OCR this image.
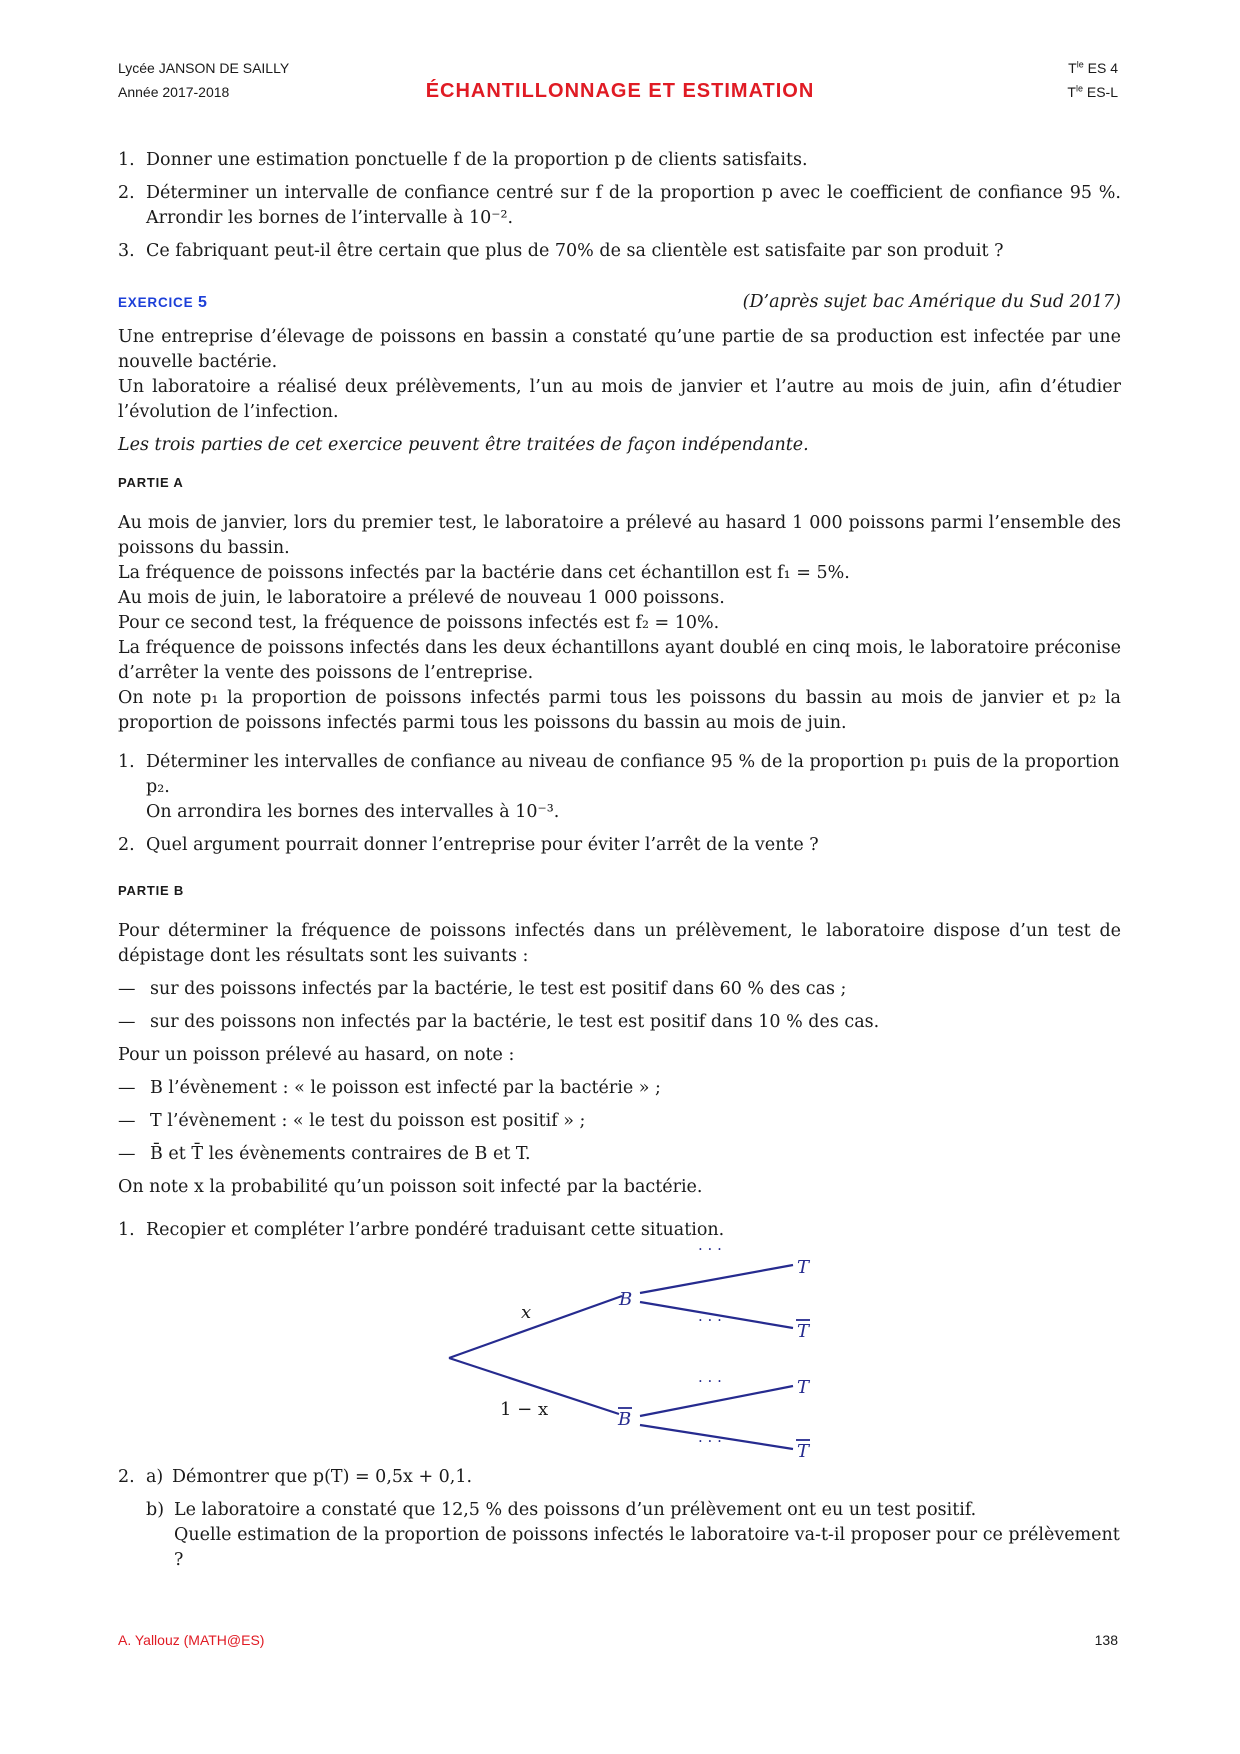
Lycée JANSON DE SAILLY
Année 2017-2018	ÉCHANTILLONNAGE ET ESTIMATION
$T^{le}$ ES 4
$T^{le}$ ES-L
1. Donner une estimation ponctuelle f de la proportion p de clients satisfaits.
2. Déterminer un intervalle de confiance centré sur f de la proportion p avec le coefficient de confiance 95 %. Arrondir les bornes de l’intervalle à 10⁻².
3. Ce fabriquant peut-il être certain que plus de 70% de sa clientèle est satisfaite par son produit ?
EXERCICE 5	(D’après sujet bac Amérique du Sud 2017)

Une entreprise d’élevage de poissons en bassin a constaté qu’une partie de sa production est infectée par une nouvelle bactérie.

Un laboratoire a réalisé deux prélèvements, l’un au mois de janvier et l’autre au mois de juin, afin d’étudier l’évolution de l’infection.

Les trois parties de cet exercice peuvent être traitées de façon indépendante.

PARTIE A

Au mois de janvier, lors du premier test, le laboratoire a prélevé au hasard 1 000 poissons parmi l’ensemble des poissons du bassin.

La fréquence de poissons infectés par la bactérie dans cet échantillon est f₁ = 5%.

Au mois de juin, le laboratoire a prélevé de nouveau 1 000 poissons.

Pour ce second test, la fréquence de poissons infectés est f₂ = 10%.

La fréquence de poissons infectés dans les deux échantillons ayant doublé en cinq mois, le laboratoire préconise d’arrêter la vente des poissons de l’entreprise.

On note p₁ la proportion de poissons infectés parmi tous les poissons du bassin au mois de janvier et p₂ la proportion de poissons infectés parmi tous les poissons du bassin au mois de juin.

1. Déterminer les intervalles de confiance au niveau de confiance 95 % de la proportion p₁ puis de la proportion p₂.
On arrondira les bornes des intervalles à 10⁻³.
2. Quel argument pourrait donner l’entreprise pour éviter l’arrêt de la vente ?
PARTIE B

Pour déterminer la fréquence de poissons infectés dans un prélèvement, le laboratoire dispose d’un test de dépistage dont les résultats sont les suivants :

— sur des poissons infectés par la bactérie, le test est positif dans 60 % des cas ;
— sur des poissons non infectés par la bactérie, le test est positif dans 10 % des cas.

Pour un poisson prélevé au hasard, on note :

— B l’évènement : « le poisson est infecté par la bactérie » ;
— T l’évènement : « le test du poisson est positif » ;
— B̄ et T̄ les évènements contraires de B et T.

On note x la probabilité qu’un poisson soit infecté par la bactérie.

1. Recopier et compléter l’arbre pondéré traduisant cette situation.
B
B
T
T
T
T
· · ·
· · ·
· · ·
· · ·
x
1 − x
2. a) Démontrer que p(T) = 0,5x + 0,1.
b) Le laboratoire a constaté que 12,5 % des poissons d’un prélèvement ont eu un test positif.
Quelle estimation de la proportion de poissons infectés le laboratoire va-t-il proposer pour ce prélèvement ?
A. Yallouz (MATH@ES)	138
